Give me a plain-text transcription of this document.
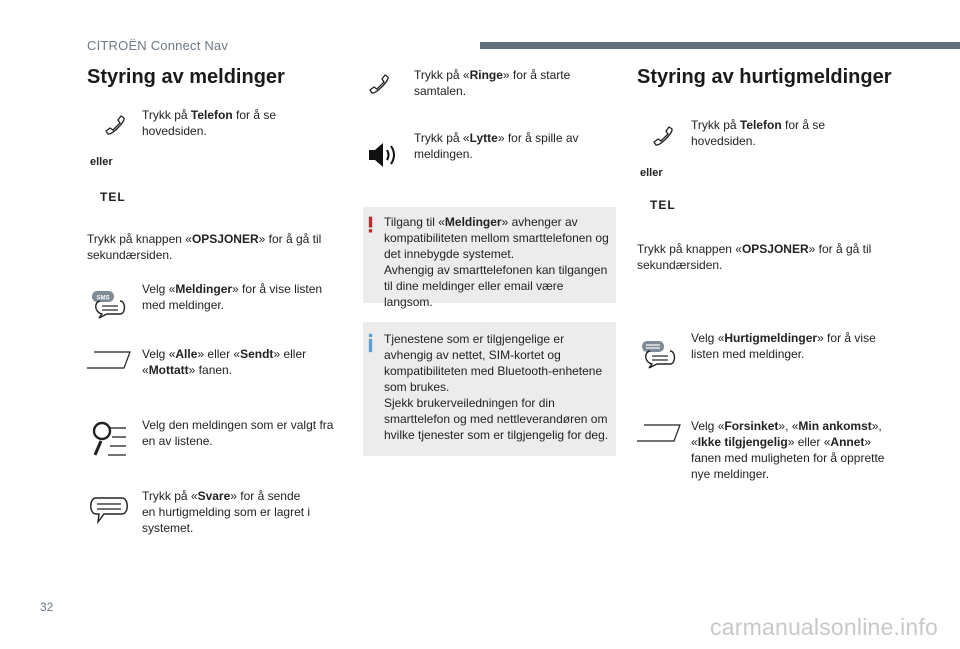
CITROËN Connect Nav
Styring av meldinger
Trykk på Telefon for å se
hovedsiden.
eller
TEL
Trykk på knappen «OPSJONER» for å gå til
sekundærsiden.
SMS
Velg «Meldinger» for å vise listen
med meldinger.
Velg «Alle» eller «Sendt» eller
«Mottatt» fanen.
Velg den meldingen som er valgt fra
en av listene.
Trykk på «Svare» for å sende
en hurtigmelding som er lagret i
systemet.
Trykk på «Ringe» for å starte
samtalen.
Trykk på «Lytte» for å spille av
meldingen.
Tilgang til «Meldinger» avhenger av
kompatibiliteten mellom smarttelefonen og
det innebygde systemet.
Avhengig av smarttelefonen kan tilgangen
til dine meldinger eller email være langsom.
Tjenestene som er tilgjengelige er
avhengig av nettet, SIM-kortet og
kompatibiliteten med Bluetooth-enhetene
som brukes.
Sjekk brukerveiledningen for din
smarttelefon og med nettleverandøren om
hvilke tjenester som er tilgjengelig for deg.
Styring av hurtigmeldinger
Trykk på Telefon for å se
hovedsiden.
eller
TEL
Trykk på knappen «OPSJONER» for å gå til
sekundærsiden.
Velg «Hurtigmeldinger» for å vise
listen med meldinger.
Velg «Forsinket», «Min ankomst»,
«Ikke tilgjengelig» eller «Annet»
fanen med muligheten for å opprette
nye meldinger.
32
carmanualsonline.info
